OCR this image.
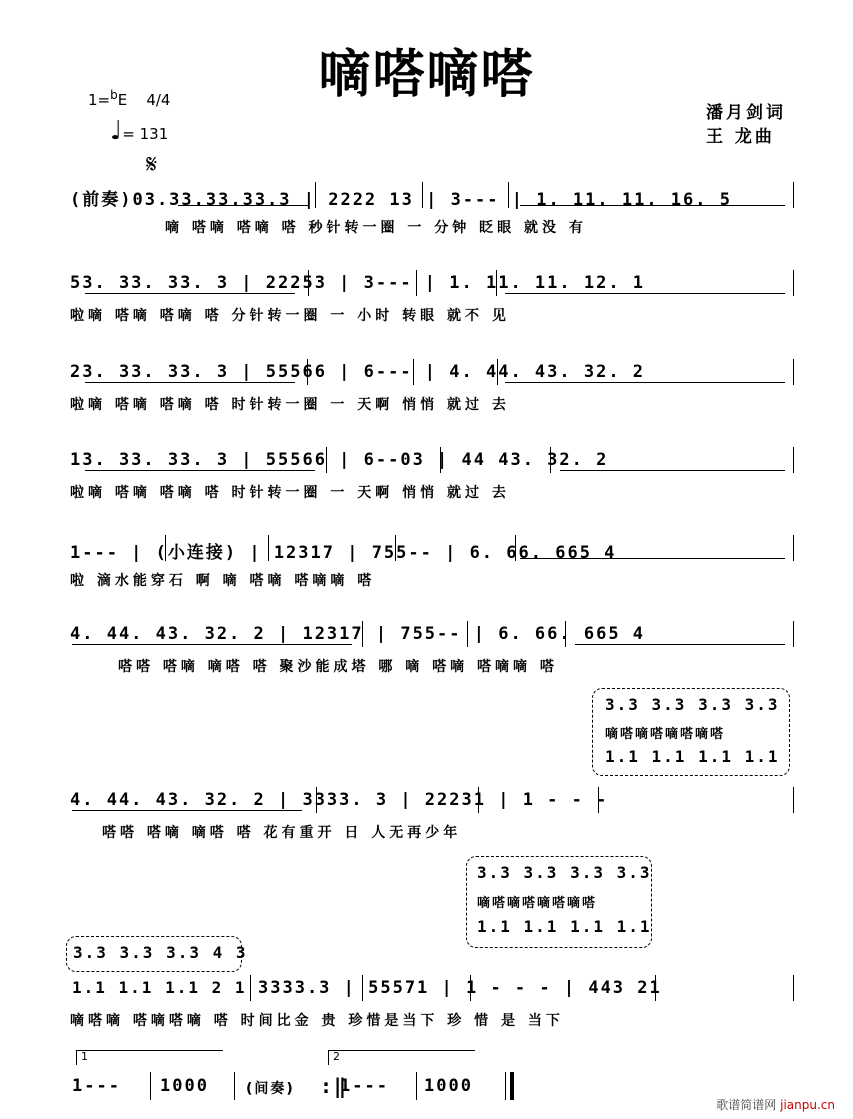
嘀嗒嘀嗒
1=$^b$E 4/4
♩= 131
𝄋
潘月剑词
王 龙曲
(前奏)03.33.33.33.3 | 2222 13 | 3--- | 1. 11. 11. 16. 5
嘀 嗒嘀 嗒嘀 嗒 秒针转一圈 一 分钟 眨眼 就没 有
53. 33. 33. 3 | 22253 | 3--- | 1. 11. 11. 12. 1
啦嘀 嗒嘀 嗒嘀 嗒 分针转一圈 一 小时 转眼 就不 见
23. 33. 33. 3 | 55566 | 6--- | 4. 44. 43. 32. 2
啦嘀 嗒嘀 嗒嘀 嗒 时针转一圈 一 天啊 悄悄 就过 去
13. 33. 33. 3 | 55566 | 6--03 | 44 43. 32. 2
啦嘀 嗒嘀 嗒嘀 嗒 时针转一圈 一 天啊 悄悄 就过 去
1--- | (小连接) | 12317 | 755-- | 6. 66. 665 4
啦 滴水能穿石 啊 嘀 嗒嘀 嗒嘀嘀 嗒
4. 44. 43. 32. 2 | 12317 | 755-- | 6. 66. 665 4
嗒嗒 嗒嘀 嘀嗒 嗒 聚沙能成塔 哪 嘀 嗒嘀 嗒嘀嘀 嗒
3.3 3.3 3.3 3.3
嘀嗒嘀嗒嘀嗒嘀嗒
1.1 1.1 1.1 1.1
4. 44. 43. 32. 2 | 3333. 3 | 22231 | 1 - - -
嗒嗒 嗒嘀 嘀嗒 嗒 花有重开 日 人无再少年
3.3 3.3 3.3 3.3
嘀嗒嘀嗒嘀嗒嘀嗒
1.1 1.1 1.1 1.1
3.3 3.3 3.3 4 3
1.1 1.1 1.1 2 1 3333.3 | 55571 | 1 - - - | 443 21
嘀嗒嘀 嗒嘀嗒嘀 嗒 时间比金 贵 珍惜是当下 珍 惜 是 当下
1	2
1--- 1000	(间奏) :‖
1--- 1000
歌谱简谱网 jianpu.cn
